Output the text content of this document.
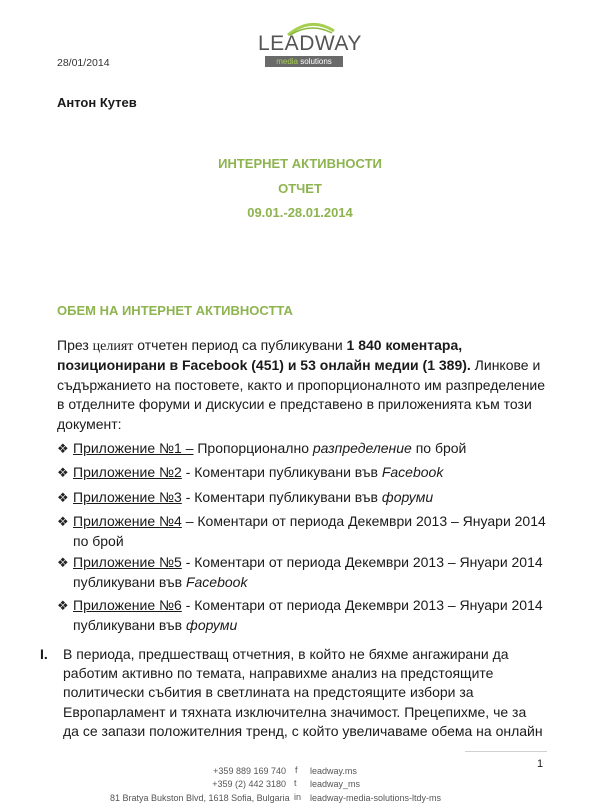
28/01/2014
LEADWAY
media solutions
Антон Кутев
ИНТЕРНЕТ АКТИВНОСТИ
ОТЧЕТ
09.01.-28.01.2014
ОБЕМ НА ИНТЕРНЕТ АКТИВНОСТТА
През целият отчетен период са публикувани 1 840 коментара, позиционирани в Facebook (451) и 53 онлайн медии (1 389). Линкове и съдържанието на постовете, както и пропорционалното им разпределение в отделните форуми и дискусии е представено в приложенията към този документ:
❖ Приложение №1 – Пропорционално разпределение по брой
❖ Приложение №2 - Коментари публикувани във Facebook
❖ Приложение №3 - Коментари публикувани във форуми
❖ Приложение №4 – Коментари от периода Декември 2013 – Януари 2014 по брой
❖ Приложение №5 - Коментари от периода Декември 2013 – Януари 2014 публикувани във Facebook
❖ Приложение №6 - Коментари от периода Декември 2013 – Януари 2014 публикувани във форуми
I. В периода, предшестващ отчетния, в който не бяхме ангажирани да работим активно по темата, направихме анализ на предстоящите политически събития в светлината на предстоящите избори за Европарламент и тяхната изключителна значимост. Прецепихме, че за да се запази положителния тренд, с който увеличаваме обема на онлайн
1
+359 889 169 740
+359 (2) 442 3180
81 Bratya Bukston Blvd, 1618 Sofia, Bulgaria
f leadway.ms
t leadway_ms
in leadway-media-solutions-ltdy-ms
